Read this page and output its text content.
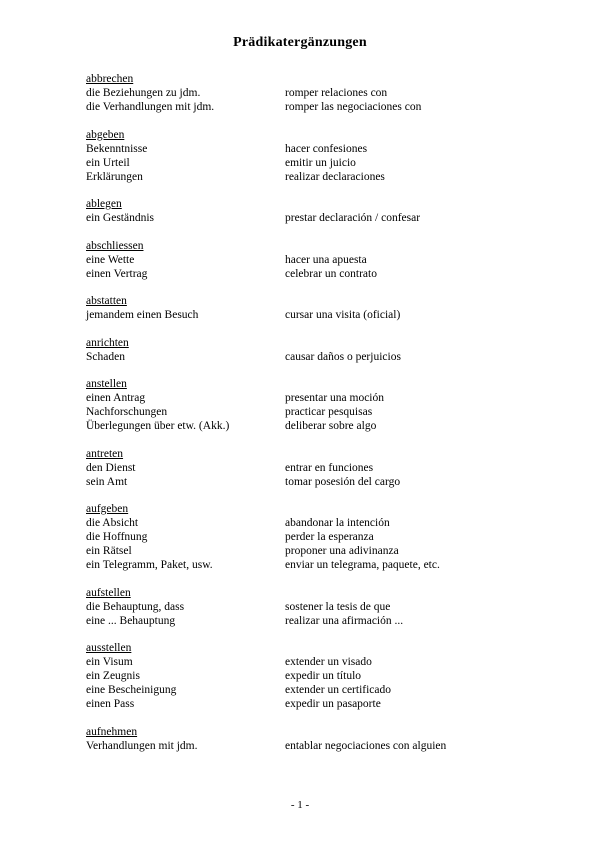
Prädikatergänzungen
abbrechen
die Beziehungen zu jdm.	romper relaciones con
die Verhandlungen mit jdm.	romper las negociaciones con
abgeben
Bekenntnisse	hacer confesiones
ein Urteil	emitir un juicio
Erklärungen	realizar declaraciones
ablegen
ein Geständnis	prestar declaración / confesar
abschliessen
eine Wette	hacer una apuesta
einen Vertrag	celebrar un contrato
abstatten
jemandem einen Besuch	cursar una visita (oficial)
anrichten
Schaden	causar daños o perjuicios
anstellen
einen Antrag	presentar una moción
Nachforschungen	practicar pesquisas
Überlegungen über etw. (Akk.)	deliberar sobre algo
antreten
den Dienst	entrar en funciones
sein Amt	tomar posesión del cargo
aufgeben
die Absicht	abandonar la intención
die Hoffnung	perder la esperanza
ein Rätsel	proponer una adivinanza
ein Telegramm, Paket, usw.	enviar un telegrama, paquete, etc.
aufstellen
die Behauptung, dass	sostener la tesis de que
eine ... Behauptung	realizar una afirmación ...
ausstellen
ein Visum	extender un visado
ein Zeugnis	expedir un título
eine Bescheinigung	extender un certificado
einen Pass	expedir un pasaporte
aufnehmen
Verhandlungen mit jdm.	entablar negociaciones con alguien
- 1 -
